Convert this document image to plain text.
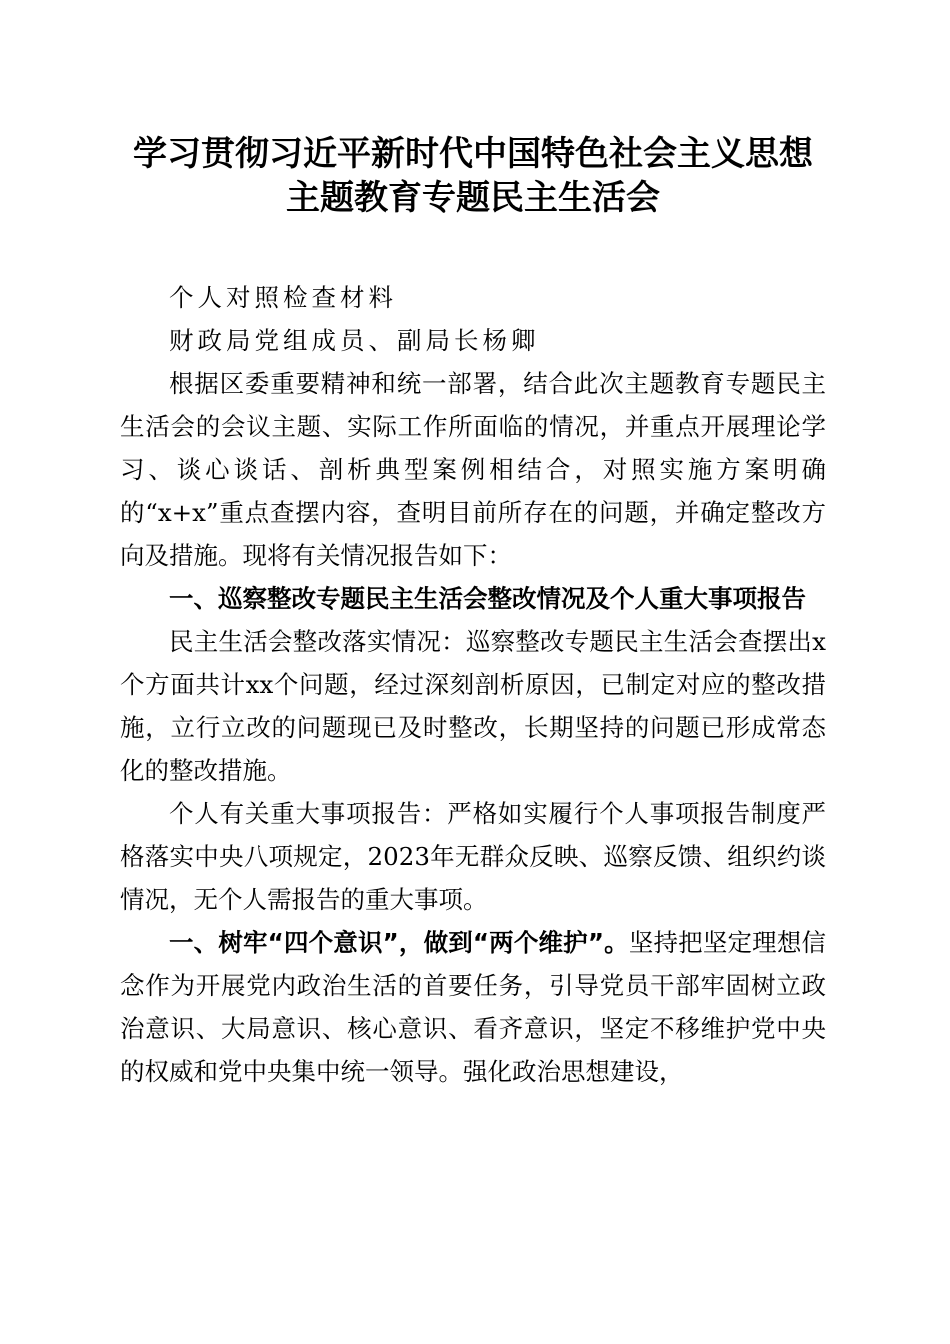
学习贯彻习近平新时代中国特色社会主义思想
主题教育专题民主生活会

个人对照检查材料

财政局党组成员、副局长杨卿

根据区委重要精神和统一部署，结合此次主题教育专题民主生活会的会议主题、实际工作所面临的情况，并重点开展理论学习、谈心谈话、剖析典型案例相结合，对照实施方案明确的“x+x”重点查摆内容，查明目前所存在的问题，并确定整改方向及措施。现将有关情况报告如下：

一、巡察整改专题民主生活会整改情况及个人重大事项报告

民主生活会整改落实情况：巡察整改专题民主生活会查摆出x个方面共计xx个问题，经过深刻剖析原因，已制定对应的整改措施，立行立改的问题现已及时整改，长期坚持的问题已形成常态化的整改措施。

个人有关重大事项报告：严格如实履行个人事项报告制度严格落实中央八项规定，2023年无群众反映、巡察反馈、组织约谈情况，无个人需报告的重大事项。

一、树牢“四个意识”，做到“两个维护”。坚持把坚定理想信念作为开展党内政治生活的首要任务，引导党员干部牢固树立政治意识、大局意识、核心意识、看齐意识，坚定不移维护党中央的权威和党中央集中统一领导。强化政治思想建设，
